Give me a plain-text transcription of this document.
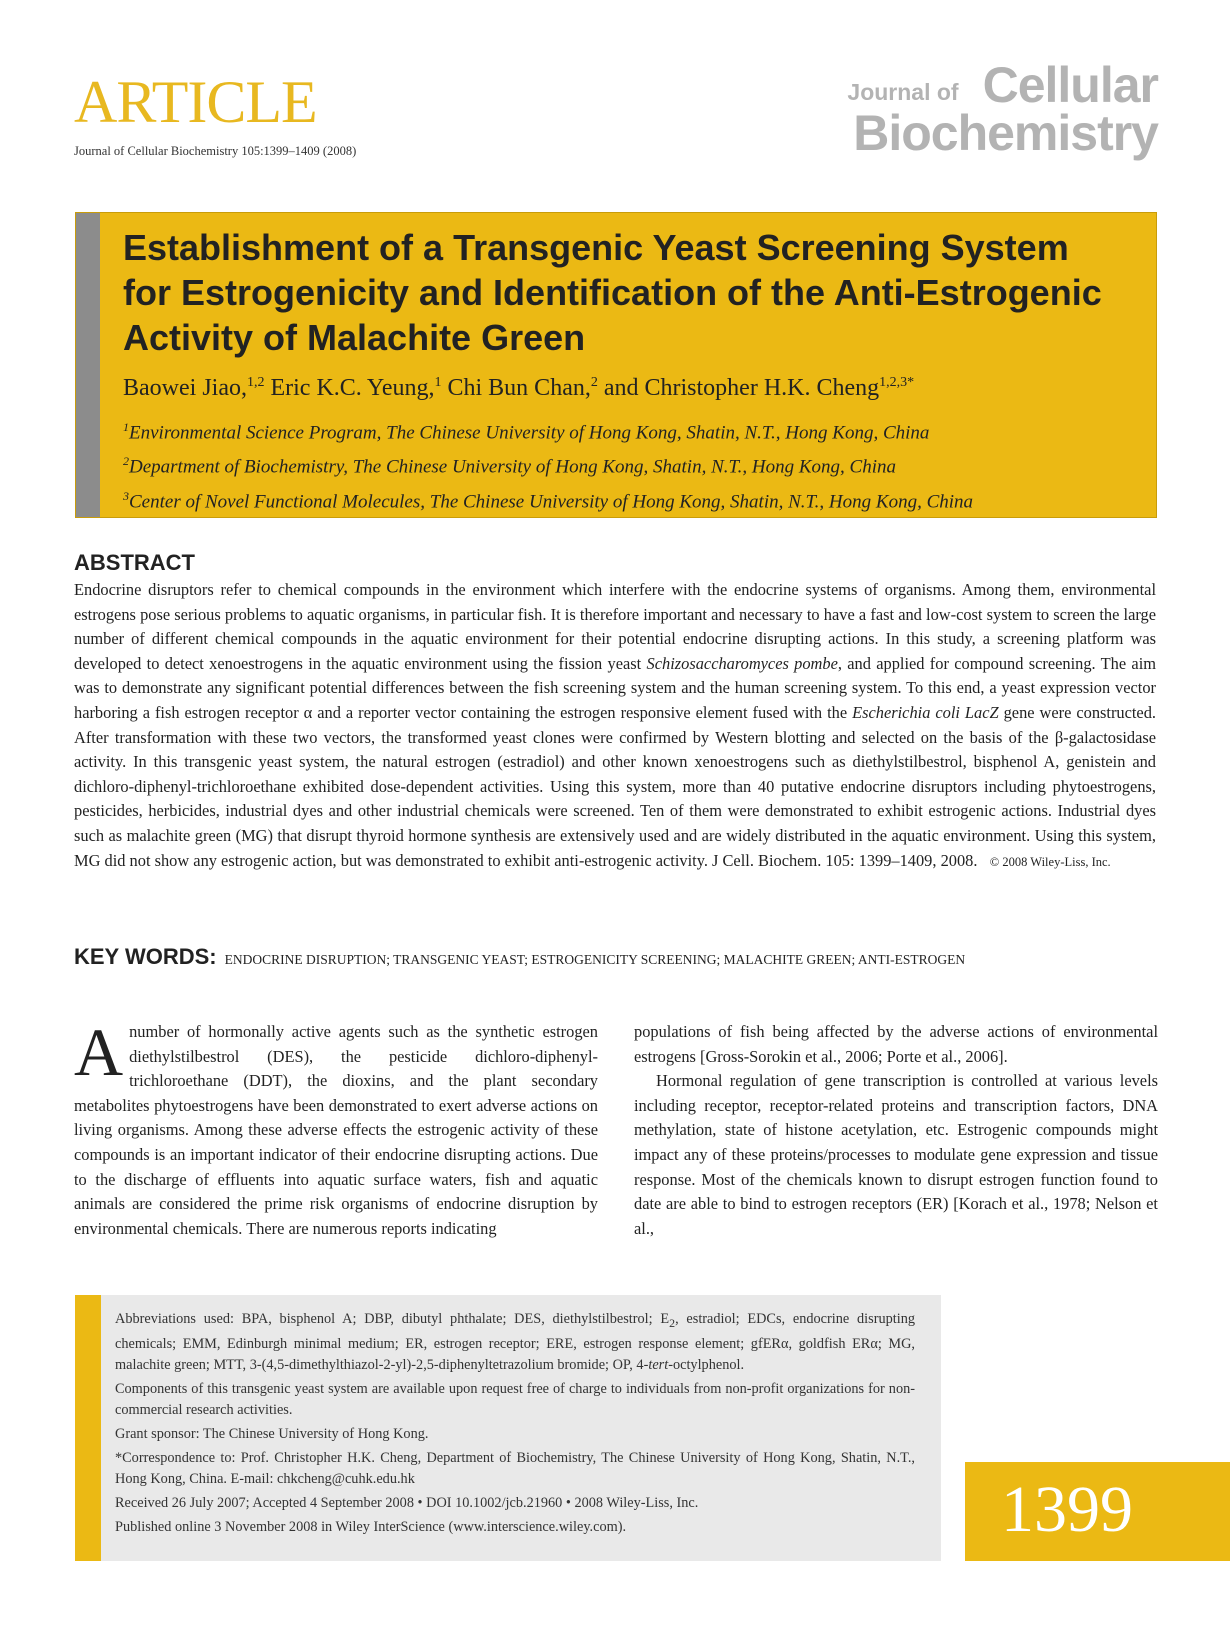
ARTICLE
Journal of Cellular Biochemistry 105:1399–1409 (2008)
Journal of Cellular
Biochemistry
Establishment of a Transgenic Yeast Screening System for Estrogenicity and Identification of the Anti-Estrogenic Activity of Malachite Green
Baowei Jiao,$^{1,2}$ Eric K.C. Yeung,$^1$ Chi Bun Chan,$^2$ and Christopher H.K. Cheng$^{1,2,3*}$
$^1$Environmental Science Program, The Chinese University of Hong Kong, Shatin, N.T., Hong Kong, China
$^2$Department of Biochemistry, The Chinese University of Hong Kong, Shatin, N.T., Hong Kong, China
$^3$Center of Novel Functional Molecules, The Chinese University of Hong Kong, Shatin, N.T., Hong Kong, China
ABSTRACT
Endocrine disruptors refer to chemical compounds in the environment which interfere with the endocrine systems of organisms. Among them, environmental estrogens pose serious problems to aquatic organisms, in particular fish. It is therefore important and necessary to have a fast and low-cost system to screen the large number of different chemical compounds in the aquatic environment for their potential endocrine disrupting actions. In this study, a screening platform was developed to detect xenoestrogens in the aquatic environment using the fission yeast Schizosaccharomyces pombe, and applied for compound screening. The aim was to demonstrate any significant potential differences between the fish screening system and the human screening system. To this end, a yeast expression vector harboring a fish estrogen receptor α and a reporter vector containing the estrogen responsive element fused with the Escherichia coli LacZ gene were constructed. After transformation with these two vectors, the transformed yeast clones were confirmed by Western blotting and selected on the basis of the β-galactosidase activity. In this transgenic yeast system, the natural estrogen (estradiol) and other known xenoestrogens such as diethylstilbestrol, bisphenol A, genistein and dichloro-diphenyl-trichloroethane exhibited dose-dependent activities. Using this system, more than 40 putative endocrine disruptors including phytoestrogens, pesticides, herbicides, industrial dyes and other industrial chemicals were screened. Ten of them were demonstrated to exhibit estrogenic actions. Industrial dyes such as malachite green (MG) that disrupt thyroid hormone synthesis are extensively used and are widely distributed in the aquatic environment. Using this system, MG did not show any estrogenic action, but was demonstrated to exhibit anti-estrogenic activity. J Cell. Biochem. 105: 1399–1409, 2008. © 2008 Wiley-Liss, Inc.
KEY WORDS: ENDOCRINE DISRUPTION; TRANSGENIC YEAST; ESTROGENICITY SCREENING; MALACHITE GREEN; ANTI-ESTROGEN
A number of hormonally active agents such as the synthetic estrogen diethylstilbestrol (DES), the pesticide dichloro-diphenyl-trichloroethane (DDT), the dioxins, and the plant secondary metabolites phytoestrogens have been demonstrated to exert adverse actions on living organisms. Among these adverse effects the estrogenic activity of these compounds is an important indicator of their endocrine disrupting actions. Due to the discharge of effluents into aquatic surface waters, fish and aquatic animals are considered the prime risk organisms of endocrine disruption by environmental chemicals. There are numerous reports indicating

populations of fish being affected by the adverse actions of environmental estrogens [Gross-Sorokin et al., 2006; Porte et al., 2006].

Hormonal regulation of gene transcription is controlled at various levels including receptor, receptor-related proteins and transcription factors, DNA methylation, state of histone acetylation, etc. Estrogenic compounds might impact any of these proteins/processes to modulate gene expression and tissue response. Most of the chemicals known to disrupt estrogen function found to date are able to bind to estrogen receptors (ER) [Korach et al., 1978; Nelson et al.,

Abbreviations used: BPA, bisphenol A; DBP, dibutyl phthalate; DES, diethylstilbestrol; $E_2$, estradiol; EDCs, endocrine disrupting chemicals; EMM, Edinburgh minimal medium; ER, estrogen receptor; ERE, estrogen response element; gfERα, goldfish ERα; MG, malachite green; MTT, 3-(4,5-dimethylthiazol-2-yl)-2,5-diphenyltetrazolium bromide; OP, 4-tert-octylphenol.

Components of this transgenic yeast system are available upon request free of charge to individuals from non-profit organizations for non-commercial research activities.

Grant sponsor: The Chinese University of Hong Kong.

*Correspondence to: Prof. Christopher H.K. Cheng, Department of Biochemistry, The Chinese University of Hong Kong, Shatin, N.T., Hong Kong, China. E-mail: chkcheng@cuhk.edu.hk

Received 26 July 2007; Accepted 4 September 2008 • DOI 10.1002/jcb.21960 • 2008 Wiley-Liss, Inc.

Published online 3 November 2008 in Wiley InterScience (www.interscience.wiley.com).	1399
